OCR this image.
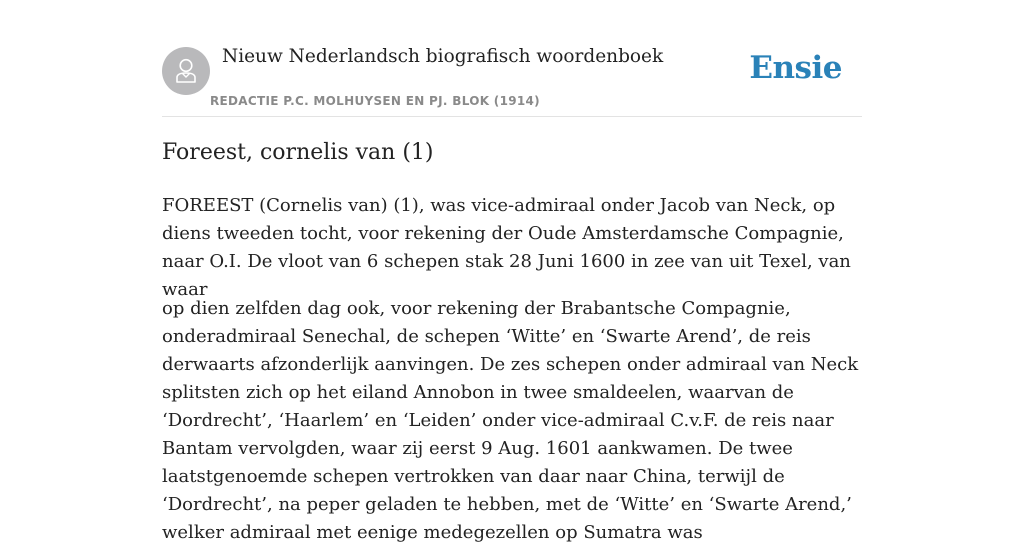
Nieuw Nederlandsch biografisch woordenboek
REDACTIE P.C. MOLHUYSEN EN PJ. BLOK (1914)
Ensie
Foreest, cornelis van (1)

FOREEST (Cornelis van) (1), was vice-admiraal onder Jacob van Neck, op diens tweeden tocht, voor rekening der Oude Amsterdamsche Compagnie, naar O.I. De vloot van 6 schepen stak 28 Juni 1600 in zee van uit Texel, van waar

op dien zelfden dag ook, voor rekening der Brabantsche Compagnie, onderadmiraal Senechal, de schepen ‘Witte’ en ‘Swarte Arend’, de reis derwaarts afzonderlijk aanvingen. De zes schepen onder admiraal van Neck splitsten zich op het eiland Annobon in twee smaldeelen, waarvan de ‘Dordrecht’, ‘Haarlem’ en ‘Leiden’ onder vice-admiraal C.v.F. de reis naar Bantam vervolgden, waar zij eerst 9 Aug. 1601 aankwamen. De twee laatstgenoemde schepen vertrokken van daar naar China, terwijl de ‘Dordrecht’, na peper geladen te hebben, met de ‘Witte’ en ‘Swarte Arend,’ welker admiraal met eenige medegezellen op Sumatra was
